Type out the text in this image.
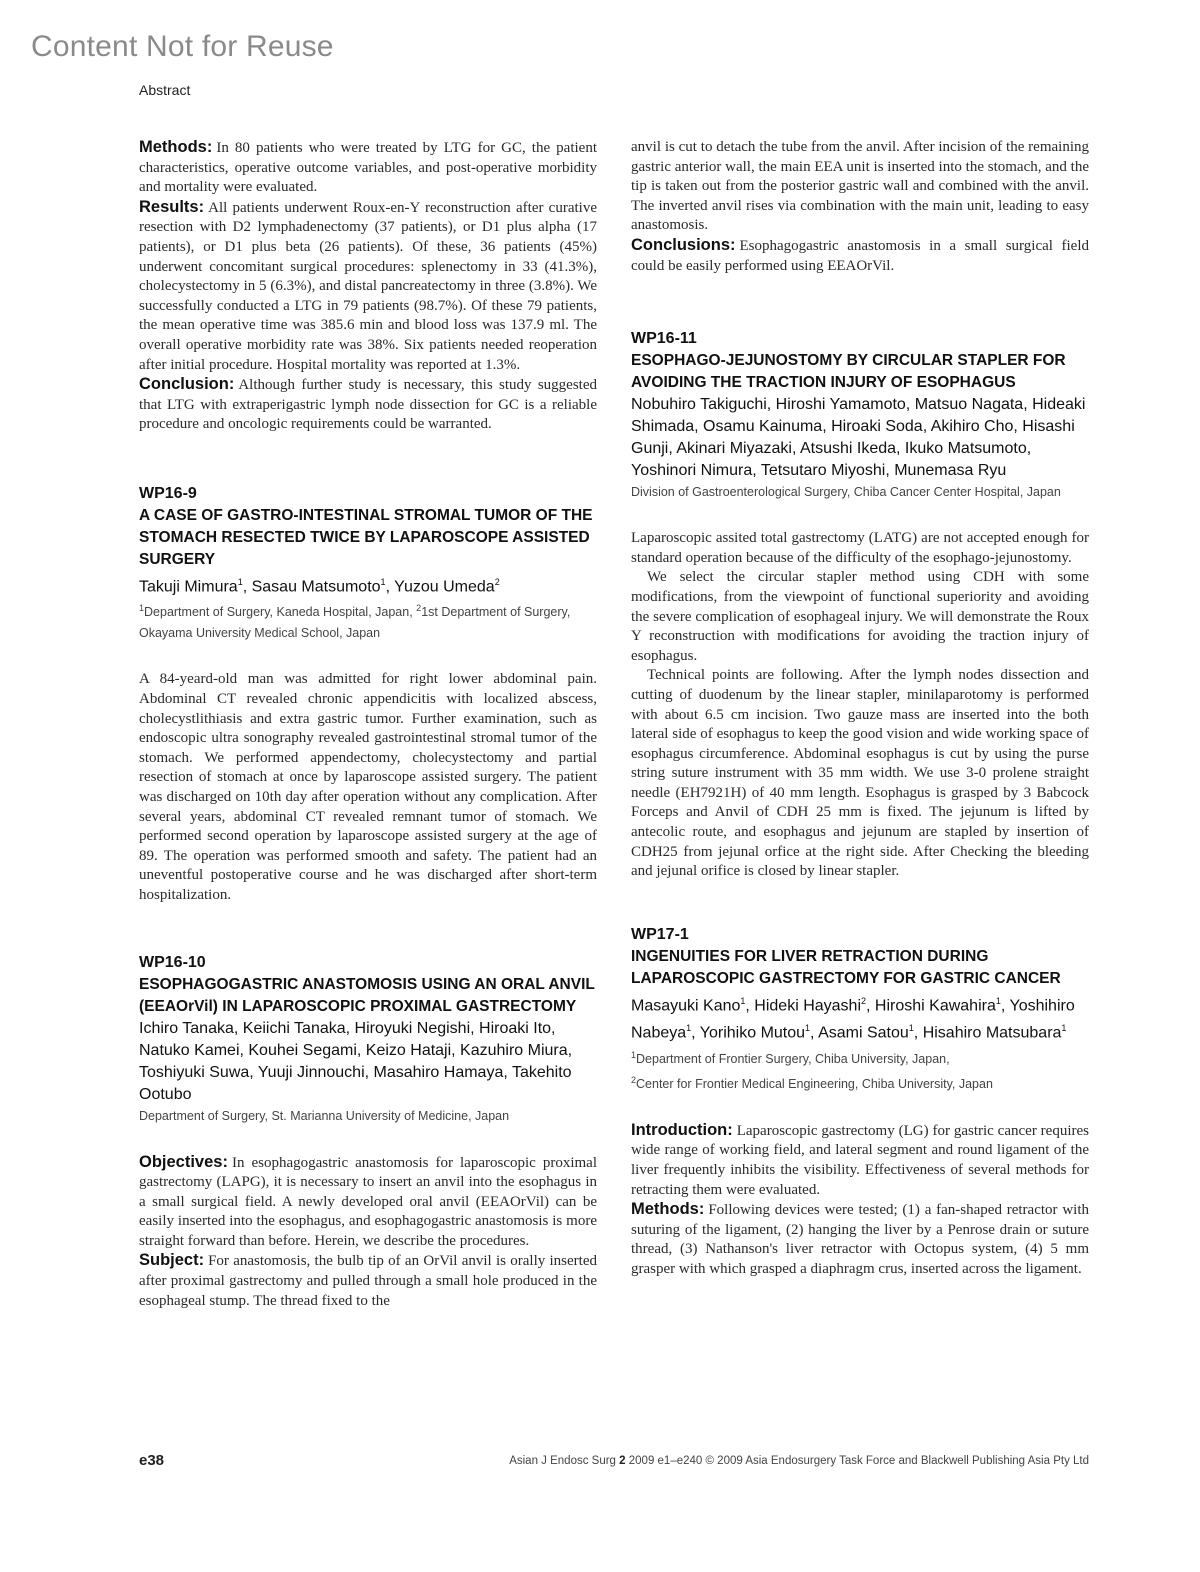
Content Not for Reuse
Abstract

Methods: In 80 patients who were treated by LTG for GC, the patient characteristics, operative outcome variables, and post-operative morbidity and mortality were evaluated.

Results: All patients underwent Roux-en-Y reconstruction after curative resection with D2 lymphadenectomy (37 patients), or D1 plus alpha (17 patients), or D1 plus beta (26 patients). Of these, 36 patients (45%) underwent concomitant surgical procedures: splenectomy in 33 (41.3%), cholecystectomy in 5 (6.3%), and distal pancreatectomy in three (3.8%). We successfully conducted a LTG in 79 patients (98.7%). Of these 79 patients, the mean operative time was 385.6 min and blood loss was 137.9 ml. The overall operative morbidity rate was 38%. Six patients needed reoperation after initial procedure. Hospital mortality was reported at 1.3%.

Conclusion: Although further study is necessary, this study suggested that LTG with extraperigastric lymph node dissection for GC is a reliable procedure and oncologic requirements could be warranted.

WP16-9

A CASE OF GASTRO-INTESTINAL STROMAL TUMOR OF THE STOMACH RESECTED TWICE BY LAPAROSCOPE ASSISTED SURGERY

Takuji Mimura$^1$, Sasau Matsumoto$^1$, Yuzou Umeda$^2$

$^1$Department of Surgery, Kaneda Hospital, Japan, $^2$1st Department of Surgery, Okayama University Medical School, Japan

A 84-yeard-old man was admitted for right lower abdominal pain. Abdominal CT revealed chronic appendicitis with localized abscess, cholecystlithiasis and extra gastric tumor. Further examination, such as endoscopic ultra sonography revealed gastrointestinal stromal tumor of the stomach. We performed appendectomy, cholecystectomy and partial resection of stomach at once by laparoscope assisted surgery. The patient was discharged on 10th day after operation without any complication. After several years, abdominal CT revealed remnant tumor of stomach. We performed second operation by laparoscope assisted surgery at the age of 89. The operation was performed smooth and safety. The patient had an uneventful postoperative course and he was discharged after short-term hospitalization.

WP16-10

ESOPHAGOGASTRIC ANASTOMOSIS USING AN ORAL ANVIL (EEAOrVil) IN LAPAROSCOPIC PROXIMAL GASTRECTOMY

Ichiro Tanaka, Keiichi Tanaka, Hiroyuki Negishi, Hiroaki Ito, Natuko Kamei, Kouhei Segami, Keizo Hataji, Kazuhiro Miura, Toshiyuki Suwa, Yuuji Jinnouchi, Masahiro Hamaya, Takehito Ootubo

Department of Surgery, St. Marianna University of Medicine, Japan

Objectives: In esophagogastric anastomosis for laparoscopic proximal gastrectomy (LAPG), it is necessary to insert an anvil into the esophagus in a small surgical field. A newly developed oral anvil (EEAOrVil) can be easily inserted into the esophagus, and esophagogastric anastomosis is more straight forward than before. Herein, we describe the procedures.

Subject: For anastomosis, the bulb tip of an OrVil anvil is orally inserted after proximal gastrectomy and pulled through a small hole produced in the esophageal stump. The thread fixed to the

anvil is cut to detach the tube from the anvil. After incision of the remaining gastric anterior wall, the main EEA unit is inserted into the stomach, and the tip is taken out from the posterior gastric wall and combined with the anvil. The inverted anvil rises via combination with the main unit, leading to easy anastomosis.

Conclusions: Esophagogastric anastomosis in a small surgical field could be easily performed using EEAOrVil.

WP16-11

ESOPHAGO-JEJUNOSTOMY BY CIRCULAR STAPLER FOR AVOIDING THE TRACTION INJURY OF ESOPHAGUS

Nobuhiro Takiguchi, Hiroshi Yamamoto, Matsuo Nagata, Hideaki Shimada, Osamu Kainuma, Hiroaki Soda, Akihiro Cho, Hisashi Gunji, Akinari Miyazaki, Atsushi Ikeda, Ikuko Matsumoto, Yoshinori Nimura, Tetsutaro Miyoshi, Munemasa Ryu

Division of Gastroenterological Surgery, Chiba Cancer Center Hospital, Japan

Laparoscopic assited total gastrectomy (LATG) are not accepted enough for standard operation because of the difficulty of the esophago-jejunostomy.

We select the circular stapler method using CDH with some modifications, from the viewpoint of functional superiority and avoiding the severe complication of esophageal injury. We will demonstrate the Roux Y reconstruction with modifications for avoiding the traction injury of esophagus.

Technical points are following. After the lymph nodes dissection and cutting of duodenum by the linear stapler, minilaparotomy is performed with about 6.5 cm incision. Two gauze mass are inserted into the both lateral side of esophagus to keep the good vision and wide working space of esophagus circumference. Abdominal esophagus is cut by using the purse string suture instrument with 35 mm width. We use 3-0 prolene straight needle (EH7921H) of 40 mm length. Esophagus is grasped by 3 Babcock Forceps and Anvil of CDH 25 mm is fixed. The jejunum is lifted by antecolic route, and esophagus and jejunum are stapled by insertion of CDH25 from jejunal orfice at the right side. After Checking the bleeding and jejunal orifice is closed by linear stapler.

WP17-1

INGENUITIES FOR LIVER RETRACTION DURING LAPAROSCOPIC GASTRECTOMY FOR GASTRIC CANCER

Masayuki Kano$^1$, Hideki Hayashi$^2$, Hiroshi Kawahira$^1$, Yoshihiro Nabeya$^1$, Yorihiko Mutou$^1$, Asami Satou$^1$, Hisahiro Matsubara$^1$

$^1$Department of Frontier Surgery, Chiba University, Japan,
$^2$Center for Frontier Medical Engineering, Chiba University, Japan

Introduction: Laparoscopic gastrectomy (LG) for gastric cancer requires wide range of working field, and lateral segment and round ligament of the liver frequently inhibits the visibility. Effectiveness of several methods for retracting them were evaluated.

Methods: Following devices were tested; (1) a fan-shaped retractor with suturing of the ligament, (2) hanging the liver by a Penrose drain or suture thread, (3) Nathanson's liver retractor with Octopus system, (4) 5 mm grasper with which grasped a diaphragm crus, inserted across the ligament.

e38	Asian J Endosc Surg 2 2009 e1–e240 © 2009 Asia Endosurgery Task Force and Blackwell Publishing Asia Pty Ltd
